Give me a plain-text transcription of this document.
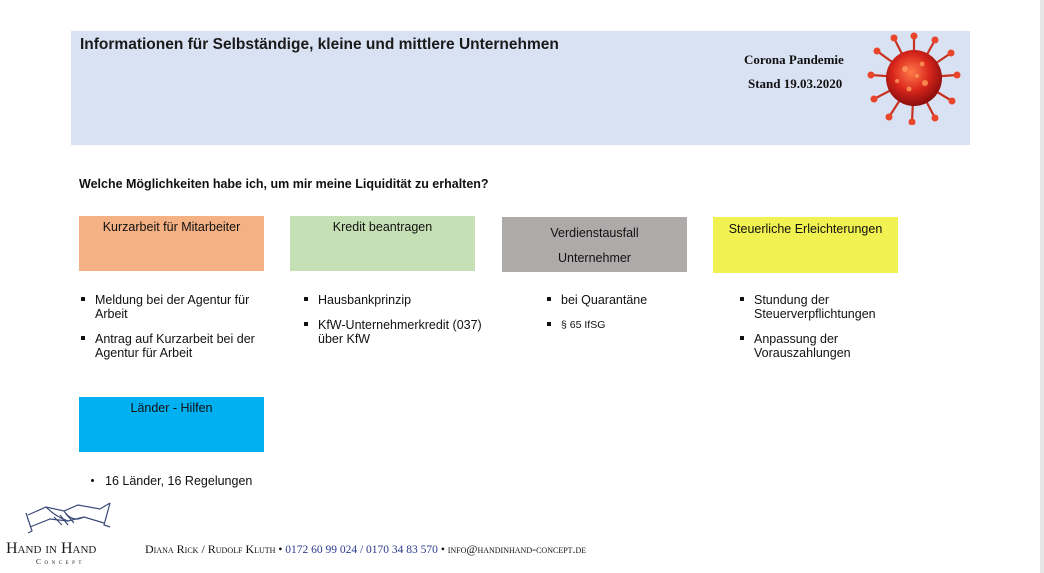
Informationen für Selbständige, kleine und mittlere Unternehmen
Corona Pandemie
Stand 19.03.2020
Welche Möglichkeiten habe ich, um mir meine Liquidität zu erhalten?
Kurzarbeit für Mitarbeiter	Kredit beantragen	Verdienstausfall
Unternehmer
Steuerliche Erleichterungen
Meldung bei der Agentur für Arbeit
Antrag auf Kurzarbeit bei der Agentur für Arbeit
Hausbankprinzip
KfW-Unternehmerkredit (037) über KfW
bei Quarantäne
§ 65 IfSG
Stundung der Steuerverpflichtungen
Anpassung der Vorauszahlungen
Länder - Hilfen
16 Länder, 16 Regelungen
Hand in Hand
Concept
Diana Rick / Rudolf Kluth • 0172 60 99 024 / 0170 34 83 570 • info@handinhand-concept.de
